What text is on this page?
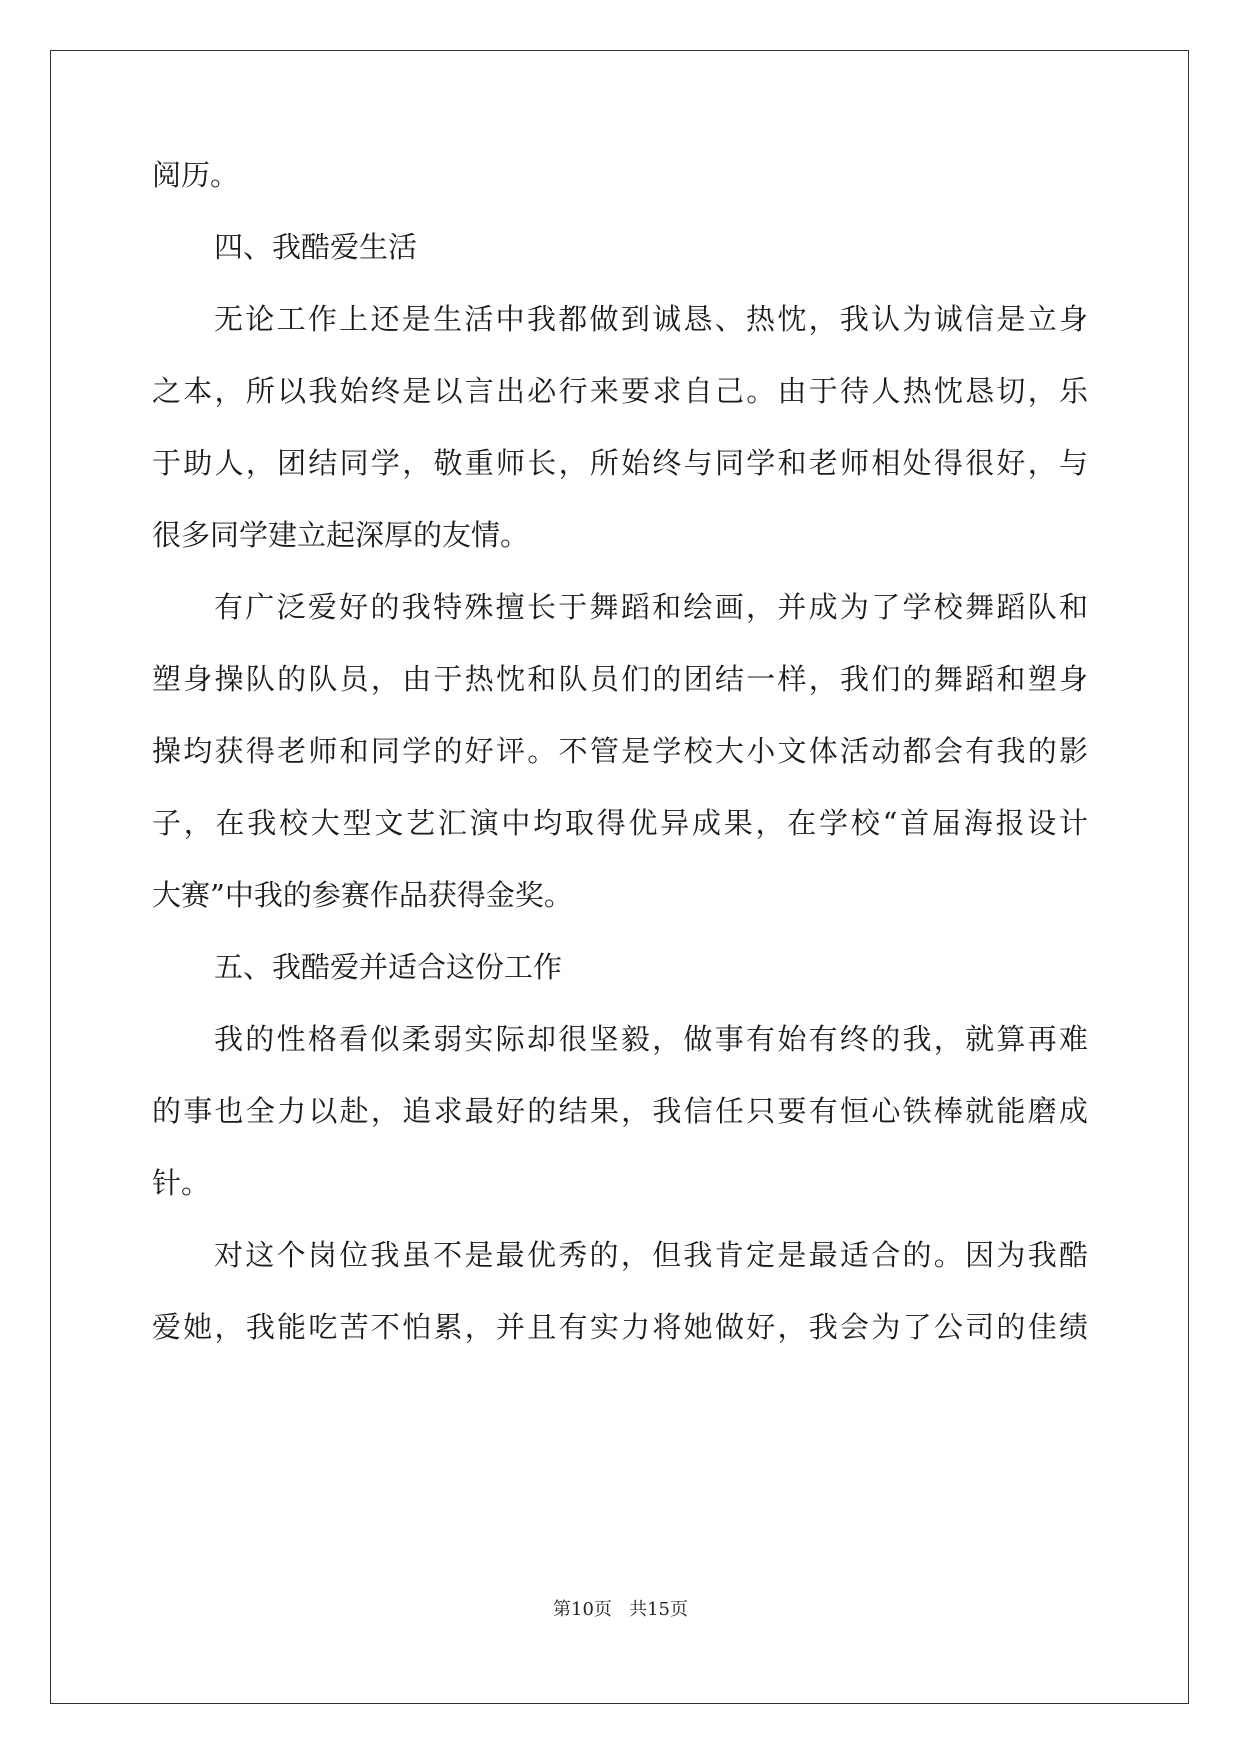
阅历。
四、我酷爱生活
无论工作上还是生活中我都做到诚恳、热忱，我认为诚信是立身
之本，所以我始终是以言出必行来要求自己。由于待人热忱恳切，乐
于助人，团结同学，敬重师长，所始终与同学和老师相处得很好，与
很多同学建立起深厚的友情。
有广泛爱好的我特殊擅长于舞蹈和绘画，并成为了学校舞蹈队和
塑身操队的队员，由于热忱和队员们的团结一样，我们的舞蹈和塑身
操均获得老师和同学的好评。不管是学校大小文体活动都会有我的影
子，在我校大型文艺汇演中均取得优异成果，在学校“首届海报设计
大赛”中我的参赛作品获得金奖。
五、我酷爱并适合这份工作
我的性格看似柔弱实际却很坚毅，做事有始有终的我，就算再难
的事也全力以赴，追求最好的结果，我信任只要有恒心铁棒就能磨成
针。
对这个岗位我虽不是最优秀的，但我肯定是最适合的。因为我酷
爱她，我能吃苦不怕累，并且有实力将她做好，我会为了公司的佳绩
第10页 共15页
